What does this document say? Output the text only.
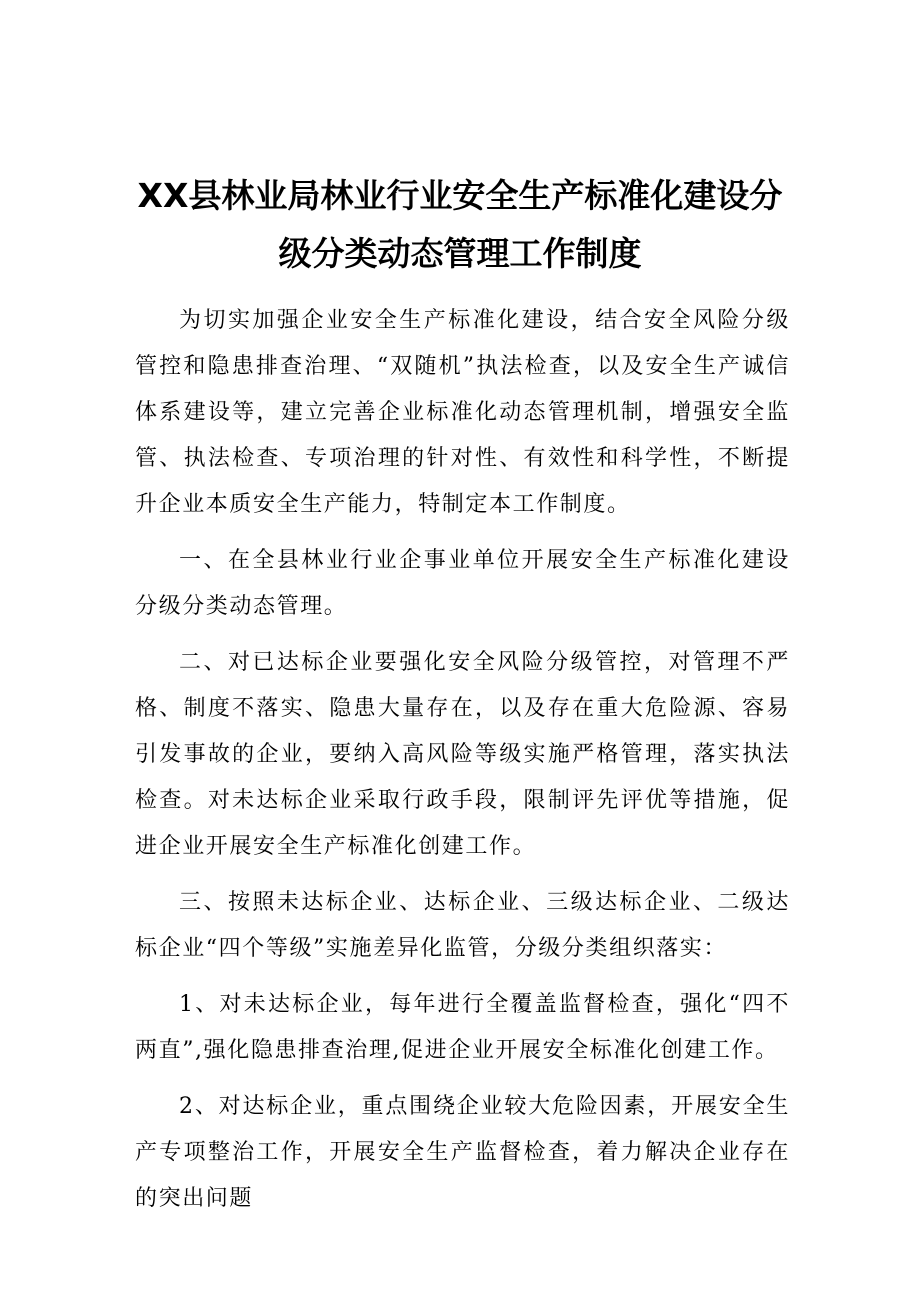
XX县林业局林业行业安全生产标准化建设分
级分类动态管理工作制度

为切实加强企业安全生产标准化建设，结合安全风险分级管控和隐患排查治理、“双随机”执法检查，以及安全生产诚信体系建设等，建立完善企业标准化动态管理机制，增强安全监管、执法检查、专项治理的针对性、有效性和科学性，不断提升企业本质安全生产能力，特制定本工作制度。

一、在全县林业行业企事业单位开展安全生产标准化建设分级分类动态管理。

二、对已达标企业要强化安全风险分级管控，对管理不严格、制度不落实、隐患大量存在，以及存在重大危险源、容易引发事故的企业，要纳入高风险等级实施严格管理，落实执法检查。对未达标企业采取行政手段，限制评先评优等措施，促进企业开展安全生产标准化创建工作。

三、按照未达标企业、达标企业、三级达标企业、二级达标企业“四个等级”实施差异化监管，分级分类组织落实：

1、对未达标企业，每年进行全覆盖监督检查，强化“四不两直”,强化隐患排查治理,促进企业开展安全标准化创建工作。

2、对达标企业，重点围绕企业较大危险因素，开展安全生产专项整治工作，开展安全生产监督检查，着力解决企业存在的突出问题
